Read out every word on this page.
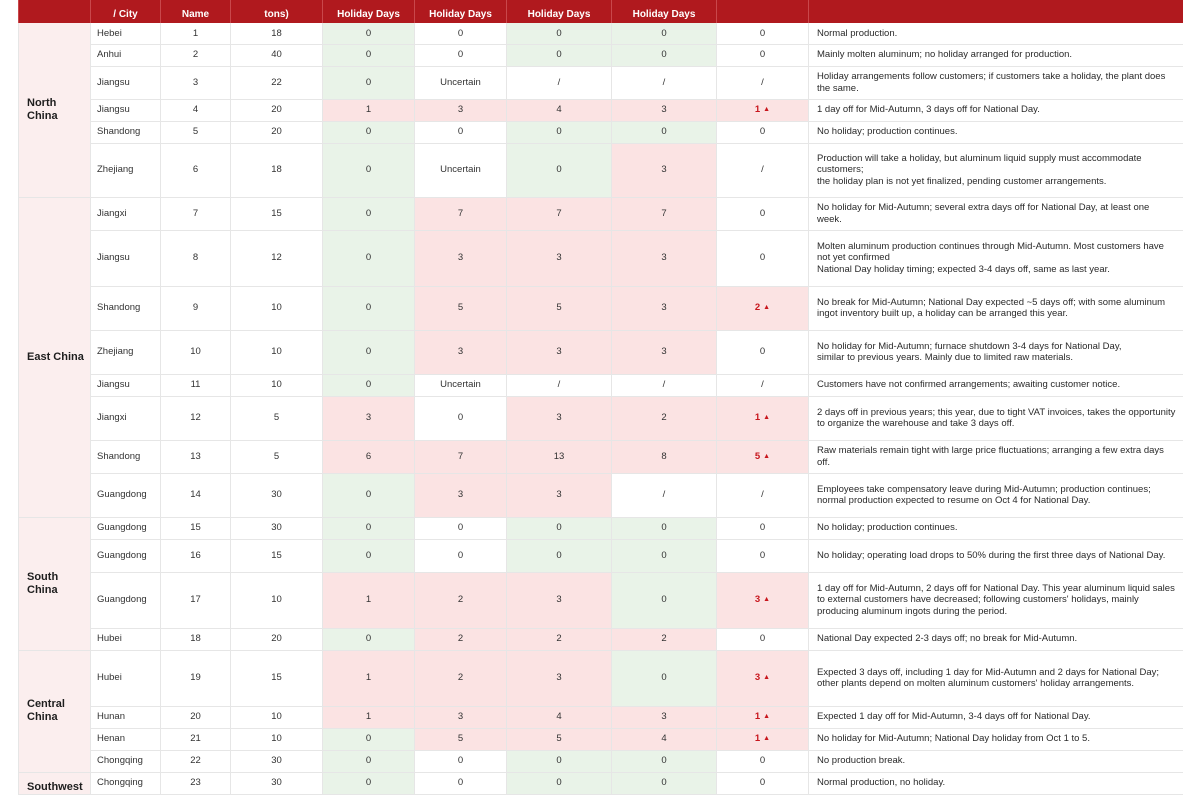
	/ City	Name	tons)	Holiday Days	Holiday Days	Holiday Days	Holiday Days		
North China	Hebei	1	18	0	0	0	0	0	Normal production.
	Anhui	2	40	0	0	0	0	0	Mainly molten aluminum; no holiday arranged for production.
	Jiangsu	3	22	0	Uncertain	/	/	/	Holiday arrangements follow customers; if customers take a holiday, the plant does the same.
	Jiangsu	4	20	1	3	4	3	1 ▲	1 day off for Mid-Autumn, 3 days off for National Day.
	Shandong	5	20	0	0	0	0	0	No holiday; production continues.
	Zhejiang	6	18	0	Uncertain	0	3	/	Production will take a holiday, but aluminum liquid supply must accommodate customers;
the holiday plan is not yet finalized, pending customer arrangements.
East China	Jiangxi	7	15	0	7	7	7	0	No holiday for Mid-Autumn; several extra days off for National Day, at least one week.
	Jiangsu	8	12	0	3	3	3	0	Molten aluminum production continues through Mid-Autumn. Most customers have not yet confirmed
National Day holiday timing; expected 3-4 days off, same as last year.
	Shandong	9	10	0	5	5	3	2 ▲	No break for Mid-Autumn; National Day expected ~5 days off; with some aluminum ingot inventory built up, a holiday can be arranged this year.
	Zhejiang	10	10	0	3	3	3	0	No holiday for Mid-Autumn; furnace shutdown 3-4 days for National Day,
similar to previous years. Mainly due to limited raw materials.
	Jiangsu	11	10	0	Uncertain	/	/	/	Customers have not confirmed arrangements; awaiting customer notice.
	Jiangxi	12	5	3	0	3	2	1 ▲	2 days off in previous years; this year, due to tight VAT invoices, takes the opportunity to organize the warehouse and take 3 days off.
	Shandong	13	5	6	7	13	8	5 ▲	Raw materials remain tight with large price fluctuations; arranging a few extra days off.
	Guangdong	14	30	0	3	3	/	/	Employees take compensatory leave during Mid-Autumn; production continues;
normal production expected to resume on Oct 4 for National Day.
South China	Guangdong	15	30	0	0	0	0	0	No holiday; production continues.
	Guangdong	16	15	0	0	0	0	0	No holiday; operating load drops to 50% during the first three days of National Day.
	Guangdong	17	10	1	2	3	0	3 ▲	1 day off for Mid-Autumn, 2 days off for National Day. This year aluminum liquid sales to external customers have decreased; following customers' holidays, mainly producing aluminum ingots during the period.
	Hubei	18	20	0	2	2	2	0	National Day expected 2-3 days off; no break for Mid-Autumn.
Central China	Hubei	19	15	1	2	3	0	3 ▲	Expected 3 days off, including 1 day for Mid-Autumn and 2 days for National Day;
other plants depend on molten aluminum customers' holiday arrangements.
	Hunan	20	10	1	3	4	3	1 ▲	Expected 1 day off for Mid-Autumn, 3-4 days off for National Day.
	Henan	21	10	0	5	5	4	1 ▲	No holiday for Mid-Autumn; National Day holiday from Oct 1 to 5.
	Chongqing	22	30	0	0	0	0	0	No production break.
Southwest	Chongqing	23	30	0	0	0	0	0	Normal production, no holiday.
